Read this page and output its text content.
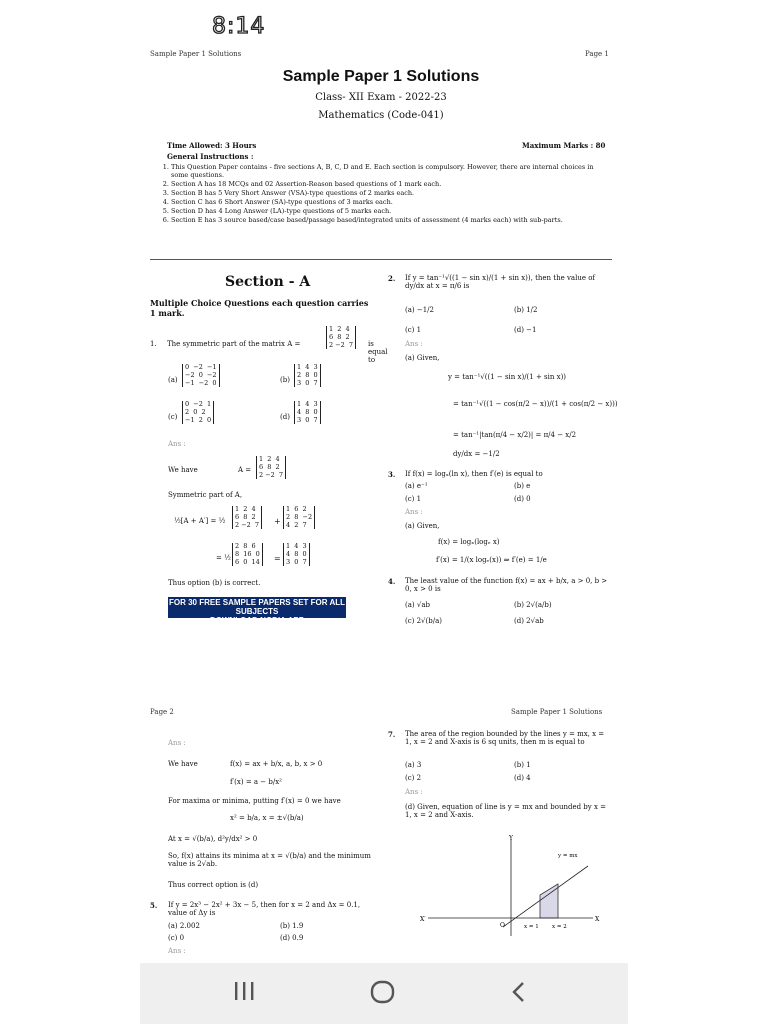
8:14
Sample Paper 1 Solutions	Page 1
Sample Paper 1 Solutions
Class- XII Exam - 2022-23
Mathematics (Code-041)
Time Allowed: 3 Hours	Maximum Marks : 80
General Instructions :
1. This Question Paper contains - five sections A, B, C, D and E. Each section is compulsory. However, there are internal choices in some questions.
2. Section A has 18 MCQs and 02 Assertion-Reason based questions of 1 mark each.
3. Section B has 5 Very Short Answer (VSA)-type questions of 2 marks each.
4. Section C has 6 Short Answer (SA)-type questions of 3 marks each.
5. Section D has 4 Long Answer (LA)-type questions of 5 marks each.
6. Section E has 3 source based/case based/passage based/integrated units of assessment (4 marks each) with sub-parts.
Section - A
Multiple Choice Questions each question carries 1 mark.
1. The symmetric part of the matrix A =
1  2  4
6  8  2
2 −2  7 is equal to
(a)
0  −2  −1
−2  0  −2
−1  −2  0	(b)
1  4  3
2  8  0
3  0  7
(c)
0  −2  1
2  0  2
−1  2  0	(d)
1  4  3
4  8  0
3  0  7
Ans :
We have	A =
1  2  4
6  8  2
2 −2  7
Symmetric part of A,
½[A + A′] = ½
1  2  4
6  8  2
2 −2  7 +
1  6  2
2  8  −2
4  2  7
= ½
2  8  6
8  16  0
6  0  14 =
1  4  3
4  8  0
3  0  7
Thus option (b) is correct.
FOR 30 FREE SAMPLE PAPERS SET FOR ALL SUBJECTS
DOWNLOAD NODIA APP
2. If y = tan⁻¹√((1 − sin x)/(1 + sin x)), then the value of dy/dx at x = π/6 is
(a) −1/2	(b) 1/2
(c) 1	(d) −1
Ans :
(a) Given,
y = tan⁻¹√((1 − sin x)/(1 + sin x))
= tan⁻¹√((1 − cos(π/2 − x))/(1 + cos(π/2 − x)))
= tan⁻¹|tan(π/4 − x/2)| = π/4 − x/2
dy/dx = −1/2
3. If f(x) = logₓ(ln x), then f′(e) is equal to
(a) e⁻¹	(b) e
(c) 1	(d) 0
Ans :
(a) Given,
f(x) = logₓ(logₑ x)
f′(x) = 1/(x logₑ(x)) ⇒ f′(e) = 1/e
4. The least value of the function f(x) = ax + b/x, a > 0, b > 0, x > 0 is
(a) √ab	(b) 2√(a/b)
(c) 2√(b/a)	(d) 2√ab
Page 2	Sample Paper 1 Solutions
Ans :
We have	f(x) = ax + b/x, a, b, x > 0
f′(x) = a − b/x²
For maxima or minima, putting f′(x) = 0 we have
x² = b/a, x = ±√(b/a)
At x = √(b/a), d²y/dx² > 0
So, f(x) attains its minima at x = √(b/a) and the minimum value is 2√ab.
Thus correct option is (d)
5. If y = 2x³ − 2x² + 3x − 5, then for x = 2 and Δx = 0.1, value of Δy is
(a) 2.002	(b) 1.9
(c) 0	(d) 0.9
Ans :
7. The area of the region bounded by the lines y = mx, x = 1, x = 2 and X-axis is 6 sq units, then m is equal to
(a) 3	(b) 1
(c) 2	(d) 4
Ans :
(d) Given, equation of line is y = mx and bounded by x = 1, x = 2 and X-axis.
Y
X
X′
O
y = mx
x = 1 x = 2
